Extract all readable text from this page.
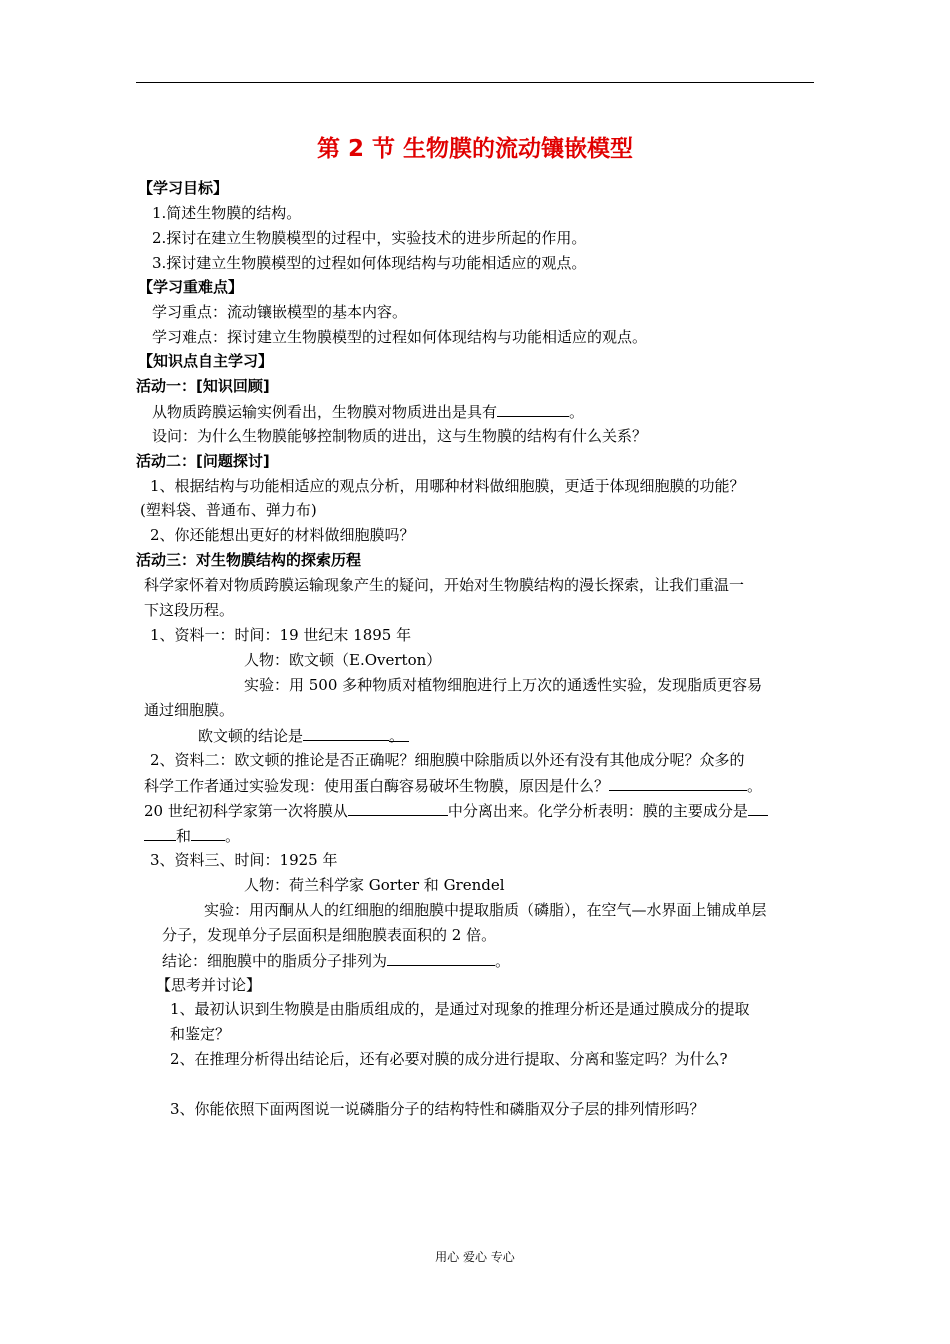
第 2 节 生物膜的流动镶嵌模型
【学习目标】
1.简述生物膜的结构。
2.探讨在建立生物膜模型的过程中，实验技术的进步所起的作用。
3.探讨建立生物膜模型的过程如何体现结构与功能相适应的观点。
【学习重难点】
学习重点：流动镶嵌模型的基本内容。
学习难点：探讨建立生物膜模型的过程如何体现结构与功能相适应的观点。
【知识点自主学习】
活动一：[知识回顾]
从物质跨膜运输实例看出，生物膜对物质进出是具有	。
设问：为什么生物膜能够控制物质的进出，这与生物膜的结构有什么关系？
活动二：[问题探讨]
1、根据结构与功能相适应的观点分析，用哪种材料做细胞膜，更适于体现细胞膜的功能？
(塑料袋、普通布、弹力布)
2、你还能想出更好的材料做细胞膜吗？
活动三：对生物膜结构的探索历程
科学家怀着对物质跨膜运输现象产生的疑问，开始对生物膜结构的漫长探索，让我们重温一
下这段历程。
1、资料一：时间：19 世纪末 1895 年
人物：欧文顿（E.Overton）
实验：用 500 多种物质对植物细胞进行上万次的通透性实验，发现脂质更容易
通过细胞膜。
欧文顿的结论是	。
2、资料二：欧文顿的推论是否正确呢？细胞膜中除脂质以外还有没有其他成分呢？众多的
科学工作者通过实验发现：使用蛋白酶容易破坏生物膜，原因是什么？	。
20 世纪初科学家第一次将膜从	中分离出来。化学分析表明：膜的主要成分是
和 。
3、资料三、时间：1925 年
人物：荷兰科学家 Gorter 和 Grendel
实验：用丙酮从人的红细胞的细胞膜中提取脂质（磷脂），在空气—水界面上铺成单层
分子，发现单分子层面积是细胞膜表面积的 2 倍。
结论：细胞膜中的脂质分子排列为	。
【思考并讨论】
1、最初认识到生物膜是由脂质组成的，是通过对现象的推理分析还是通过膜成分的提取
和鉴定？
2、在推理分析得出结论后，还有必要对膜的成分进行提取、分离和鉴定吗？为什么?
3、你能依照下面两图说一说磷脂分子的结构特性和磷脂双分子层的排列情形吗？
用心 爱心 专心
